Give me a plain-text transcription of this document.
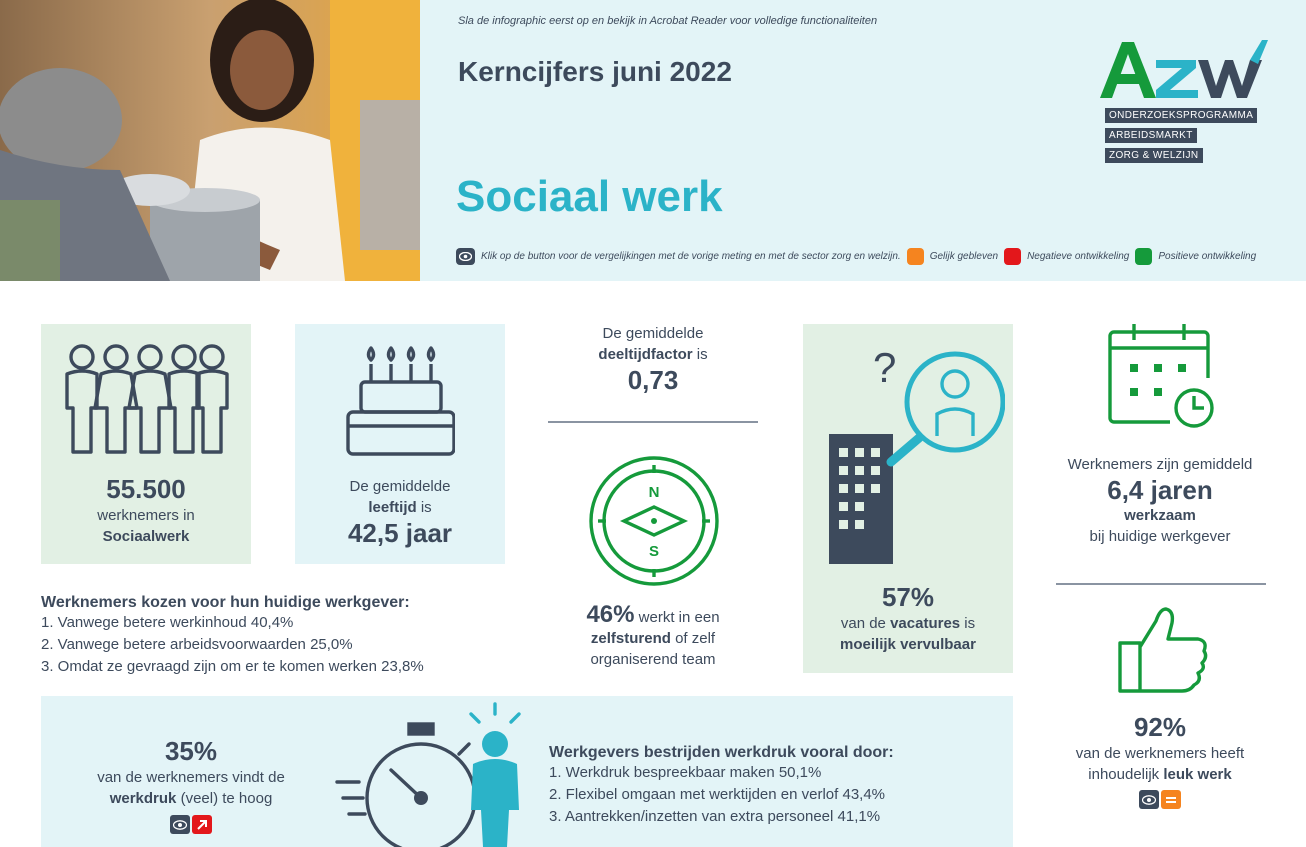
Sla de infographic eerst op en bekijk in Acrobat Reader voor volledige functionaliteiten
Kerncijfers juni 2022
Sociaal werk
Klik op de button voor de vergelijkingen met de vorige meting en met de sector zorg en welzijn.	Gelijk gebleven	Negatieve ontwikkeling	Positieve ontwikkeling
ONDERZOEKSPROGRAMMA
ARBEIDSMARKT
ZORG & WELZIJN
55.500
werknemers in
Sociaalwerk
De gemiddelde
leeftijd is
42,5 jaar
De gemiddelde
deeltijdfactor is
0,73
N
S
46% werkt in een
zelfsturend of zelf
organiserend team
?
57%
van de vacatures is
moeilijk vervulbaar
Werknemers zijn gemiddeld
6,4 jaren
werkzaam
bij huidige werkgever
92%
van de werknemers heeft
inhoudelijk leuk werk
Werknemers kozen voor hun huidige werkgever:
1. Vanwege betere werkinhoud 40,4%
2. Vanwege betere arbeidsvoorwaarden 25,0%
3. Omdat ze gevraagd zijn om er te komen werken 23,8%
35%
van de werknemers vindt de
werkdruk (veel) te hoog
Werkgevers bestrijden werkdruk vooral door:
1. Werkdruk bespreekbaar maken 50,1%
2. Flexibel omgaan met werktijden en verlof 43,4%
3. Aantrekken/inzetten van extra personeel 41,1%
